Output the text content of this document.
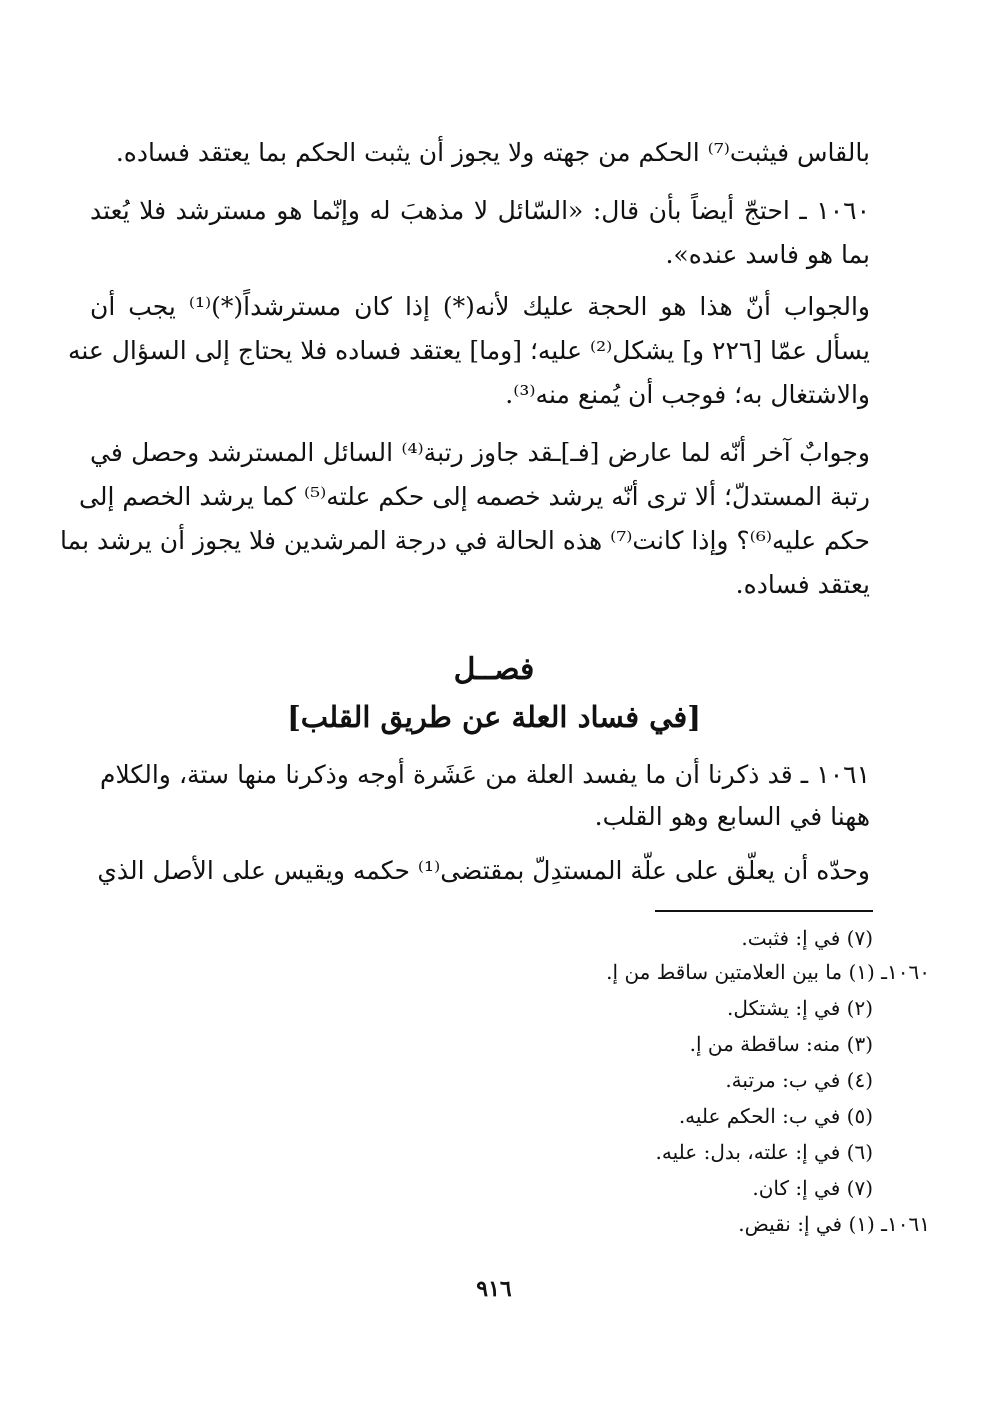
بالقاس فيثبت⁽⁷⁾ الحكم من جهته ولا يجوز أن يثبت الحكم بما يعتقد فساده.
١٠٦٠ ـ احتجّ أيضاً بأن قال: «السّائل لا مذهبَ له وإنّما هو مسترشد فلا يُعتد
بما هو فاسد عنده».
والجواب أنّ هذا هو الحجة عليك لأنه(*) إذا كان مسترشداً(*)⁽¹⁾ يجب أن
يسأل عمّا [٢٢٦ و] يشكل⁽²⁾ عليه؛ [وما] يعتقد فساده فلا يحتاج إلى السؤال عنه
والاشتغال به؛ فوجب أن يُمنع منه⁽³⁾.
وجوابٌ آخر أنّه لما عارض [فـ]ـقد جاوز رتبة⁽⁴⁾ السائل المسترشد وحصل في
رتبة المستدلّ؛ ألا ترى أنّه يرشد خصمه إلى حكم علته⁽⁵⁾ كما يرشد الخصم إلى
حكم عليه⁽⁶⁾؟ وإذا كانت⁽⁷⁾ هذه الحالة في درجة المرشدين فلا يجوز أن يرشد بما
يعتقد فساده.
فصــل
[في فساد العلة عن طريق القلب]
١٠٦١ ـ قد ذكرنا أن ما يفسد العلة من عَشَرة أوجه وذكرنا منها ستة، والكلام
ههنا في السابع وهو القلب.
وحدّه أن يعلّق على علّة المستدِلّ بمقتضى⁽¹⁾ حكمه ويقيس على الأصل الذي
(٧) في إ: فثبت.
١٠٦٠ـ (١) ما بين العلامتين ساقط من إ.
(٢) في إ: يشتكل.
(٣) منه: ساقطة من إ.
(٤) في ب: مرتبة.
(٥) في ب: الحكم عليه.
(٦) في إ: علته، بدل: عليه.
(٧) في إ: كان.
١٠٦١ـ (١) في إ: نقيض.
٩١٦
